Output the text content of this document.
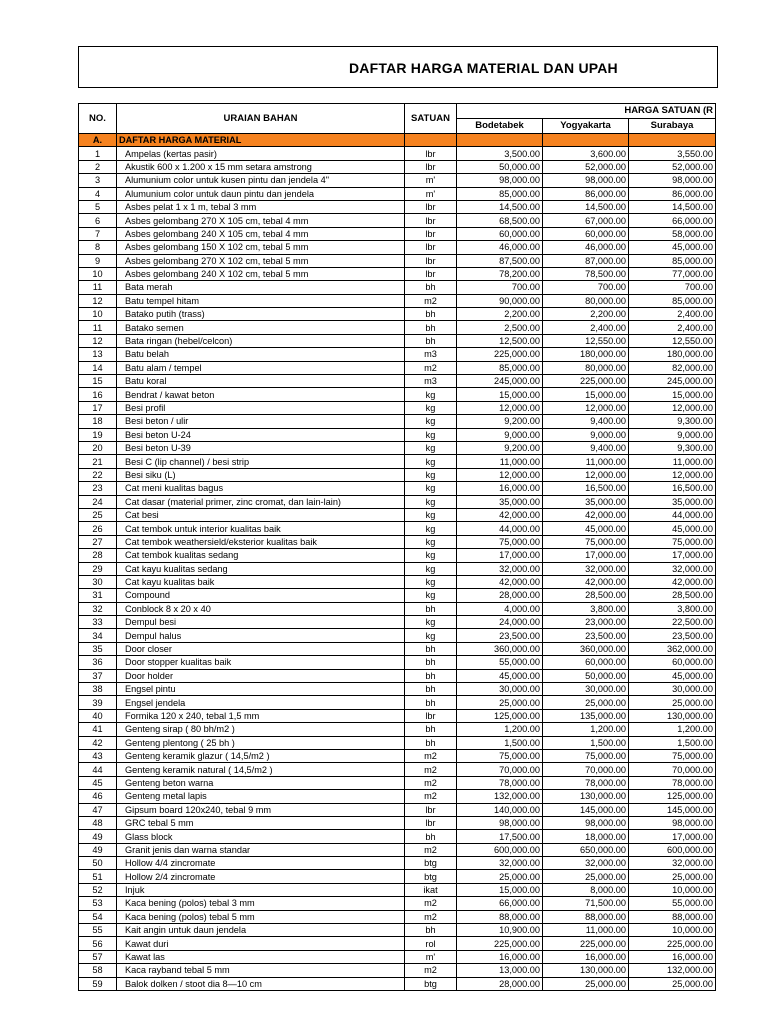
DAFTAR HARGA MATERIAL DAN UPAH
NO.	URAIAN BAHAN	SATUAN	HARGA SATUAN (R		
			Bodetabek	Yogyakarta	Surabaya
A.	DAFTAR HARGA MATERIAL				
1	Ampelas (kertas pasir)	lbr	3,500.00	3,600.00	3,550.00
2	Akustik 600 x 1.200 x 15 mm setara amstrong	lbr	50,000.00	52,000.00	52,000.00
3	Alumunium color untuk kusen pintu dan jendela 4"	m'	98,000.00	98,000.00	98,000.00
4	Alumunium color untuk daun pintu dan jendela	m'	85,000.00	86,000.00	86,000.00
5	Asbes pelat 1 x 1 m, tebal 3 mm	lbr	14,500.00	14,500.00	14,500.00
6	Asbes gelombang 270 X 105 cm, tebal 4 mm	lbr	68,500.00	67,000.00	66,000.00
7	Asbes gelombang 240 X 105 cm, tebal 4 mm	lbr	60,000.00	60,000.00	58,000.00
8	Asbes gelombang 150 X 102 cm, tebal 5 mm	lbr	46,000.00	46,000.00	45,000.00
9	Asbes gelombang 270 X 102 cm, tebal 5 mm	lbr	87,500.00	87,000.00	85,000.00
10	Asbes gelombang 240 X 102 cm, tebal 5 mm	lbr	78,200.00	78,500.00	77,000.00
11	Bata merah	bh	700.00	700.00	700.00
12	Batu tempel hitam	m2	90,000.00	80,000.00	85,000.00
10	Batako putih (trass)	bh	2,200.00	2,200.00	2,400.00
11	Batako semen	bh	2,500.00	2,400.00	2,400.00
12	Bata ringan (hebel/celcon)	bh	12,500.00	12,550.00	12,550.00
13	Batu belah	m3	225,000.00	180,000.00	180,000.00
14	Batu alam / tempel	m2	85,000.00	80,000.00	82,000.00
15	Batu koral	m3	245,000.00	225,000.00	245,000.00
16	Bendrat / kawat beton	kg	15,000.00	15,000.00	15,000.00
17	Besi profil	kg	12,000.00	12,000.00	12,000.00
18	Besi beton / ulir	kg	9,200.00	9,400.00	9,300.00
19	Besi beton U-24	kg	9,000.00	9,000.00	9,000.00
20	Besi beton U-39	kg	9,200.00	9,400.00	9,300.00
21	Besi C (lip channel) / besi strip	kg	11,000.00	11,000.00	11,000.00
22	Besi siku (L)	kg	12,000.00	12,000.00	12,000.00
23	Cat meni kualitas bagus	kg	16,000.00	16,500.00	16,500.00
24	Cat dasar (material primer, zinc cromat, dan lain-lain)	kg	35,000.00	35,000.00	35,000.00
25	Cat besi	kg	42,000.00	42,000.00	44,000.00
26	Cat tembok untuk interior kualitas baik	kg	44,000.00	45,000.00	45,000.00
27	Cat tembok weathersield/eksterior kualitas baik	kg	75,000.00	75,000.00	75,000.00
28	Cat tembok kualitas sedang	kg	17,000.00	17,000.00	17,000.00
29	Cat kayu kualitas sedang	kg	32,000.00	32,000.00	32,000.00
30	Cat kayu kualitas baik	kg	42,000.00	42,000.00	42,000.00
31	Compound	kg	28,000.00	28,500.00	28,500.00
32	Conblock 8 x 20 x 40	bh	4,000.00	3,800.00	3,800.00
33	Dempul besi	kg	24,000.00	23,000.00	22,500.00
34	Dempul halus	kg	23,500.00	23,500.00	23,500.00
35	Door closer	bh	360,000.00	360,000.00	362,000.00
36	Door stopper kualitas baik	bh	55,000.00	60,000.00	60,000.00
37	Door holder	bh	45,000.00	50,000.00	45,000.00
38	Engsel pintu	bh	30,000.00	30,000.00	30,000.00
39	Engsel jendela	bh	25,000.00	25,000.00	25,000.00
40	Formika 120 x 240, tebal 1,5 mm	lbr	125,000.00	135,000.00	130,000.00
41	Genteng sirap ( 80 bh/m2 )	bh	1,200.00	1,200.00	1,200.00
42	Genteng plentong ( 25 bh )	bh	1,500.00	1,500.00	1,500.00
43	Genteng keramik glazur ( 14,5/m2 )	m2	75,000.00	75,000.00	75,000.00
44	Genteng keramik natural ( 14,5/m2 )	m2	70,000.00	70,000.00	70,000.00
45	Genteng beton warna	m2	78,000.00	78,000.00	78,000.00
46	Genteng metal lapis	m2	132,000.00	130,000.00	125,000.00
47	Gipsum board 120x240, tebal 9 mm	lbr	140,000.00	145,000.00	145,000.00
48	GRC tebal 5 mm	lbr	98,000.00	98,000.00	98,000.00
49	Glass block	bh	17,500.00	18,000.00	17,000.00
49	Granit jenis dan warna standar	m2	600,000.00	650,000.00	600,000.00
50	Hollow 4/4 zincromate	btg	32,000.00	32,000.00	32,000.00
51	Hollow 2/4 zincromate	btg	25,000.00	25,000.00	25,000.00
52	Injuk	ikat	15,000.00	8,000.00	10,000.00
53	Kaca bening (polos) tebal 3 mm	m2	66,000.00	71,500.00	55,000.00
54	Kaca bening (polos) tebal 5 mm	m2	88,000.00	88,000.00	88,000.00
55	Kait angin untuk daun jendela	bh	10,900.00	11,000.00	10,000.00
56	Kawat duri	rol	225,000.00	225,000.00	225,000.00
57	Kawat las	m'	16,000.00	16,000.00	16,000.00
58	Kaca rayband tebal 5 mm	m2	13,000.00	130,000.00	132,000.00
59	Balok dolken / stoot dia 8—10 cm	btg	28,000.00	25,000.00	25,000.00
